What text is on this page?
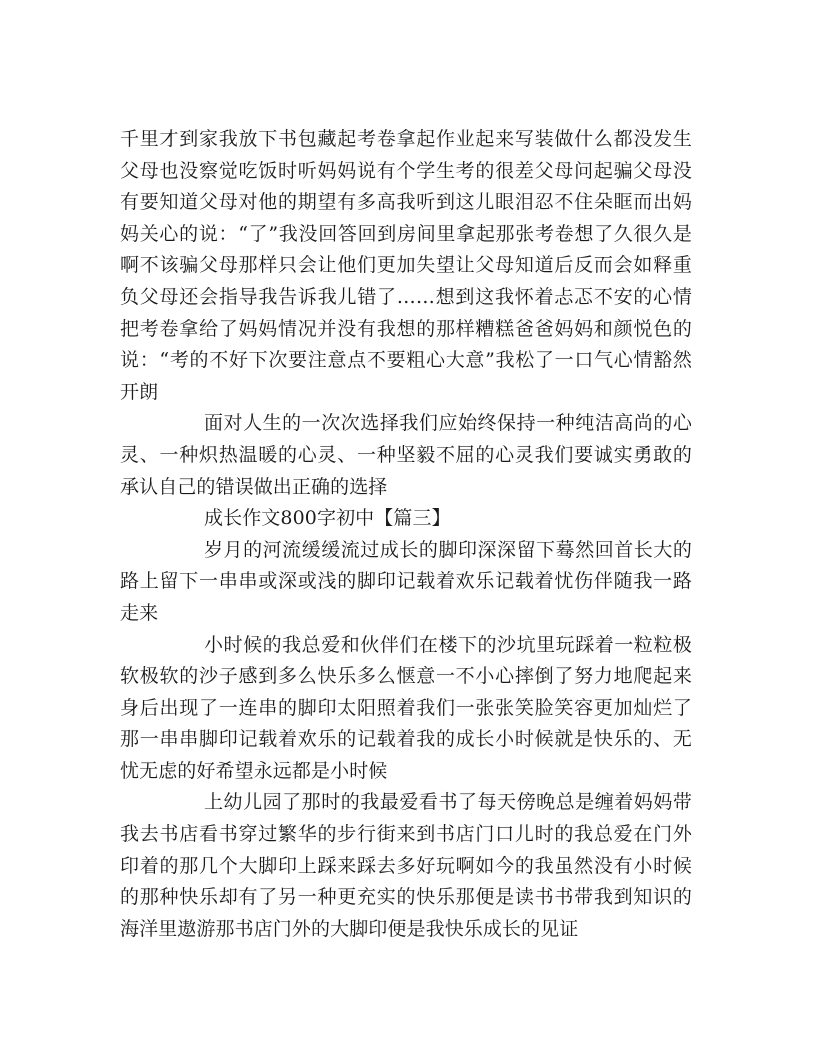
千里才到家我放下书包藏起考卷拿起作业起来写装做什么都没发生父母也没察觉吃饭时听妈妈说有个学生考的很差父母问起骗父母没有要知道父母对他的期望有多高我听到这儿眼泪忍不住朵眶而出妈妈关心的说：“了”我没回答回到房间里拿起那张考卷想了久很久是啊不该骗父母那样只会让他们更加失望让父母知道后反而会如释重负父母还会指导我告诉我儿错了……想到这我怀着忐忑不安的心情把考卷拿给了妈妈情况并没有我想的那样糟糕爸爸妈妈和颜悦色的说：“考的不好下次要注意点不要粗心大意”我松了一口气心情豁然开朗

面对人生的一次次选择我们应始终保持一种纯洁高尚的心灵、一种炽热温暖的心灵、一种坚毅不屈的心灵我们要诚实勇敢的承认自己的错误做出正确的选择

成长作文800字初中【篇三】

岁月的河流缓缓流过成长的脚印深深留下蓦然回首长大的路上留下一串串或深或浅的脚印记载着欢乐记载着忧伤伴随我一路走来

小时候的我总爱和伙伴们在楼下的沙坑里玩踩着一粒粒极软极软的沙子感到多么快乐多么惬意一不小心摔倒了努力地爬起来身后出现了一连串的脚印太阳照着我们一张张笑脸笑容更加灿烂了那一串串脚印记载着欢乐的记载着我的成长小时候就是快乐的、无忧无虑的好希望永远都是小时候

上幼儿园了那时的我最爱看书了每天傍晚总是缠着妈妈带我去书店看书穿过繁华的步行街来到书店门口儿时的我总爱在门外印着的那几个大脚印上踩来踩去多好玩啊如今的我虽然没有小时候的那种快乐却有了另一种更充实的快乐那便是读书书带我到知识的海洋里遨游那书店门外的大脚印便是我快乐成长的见证
